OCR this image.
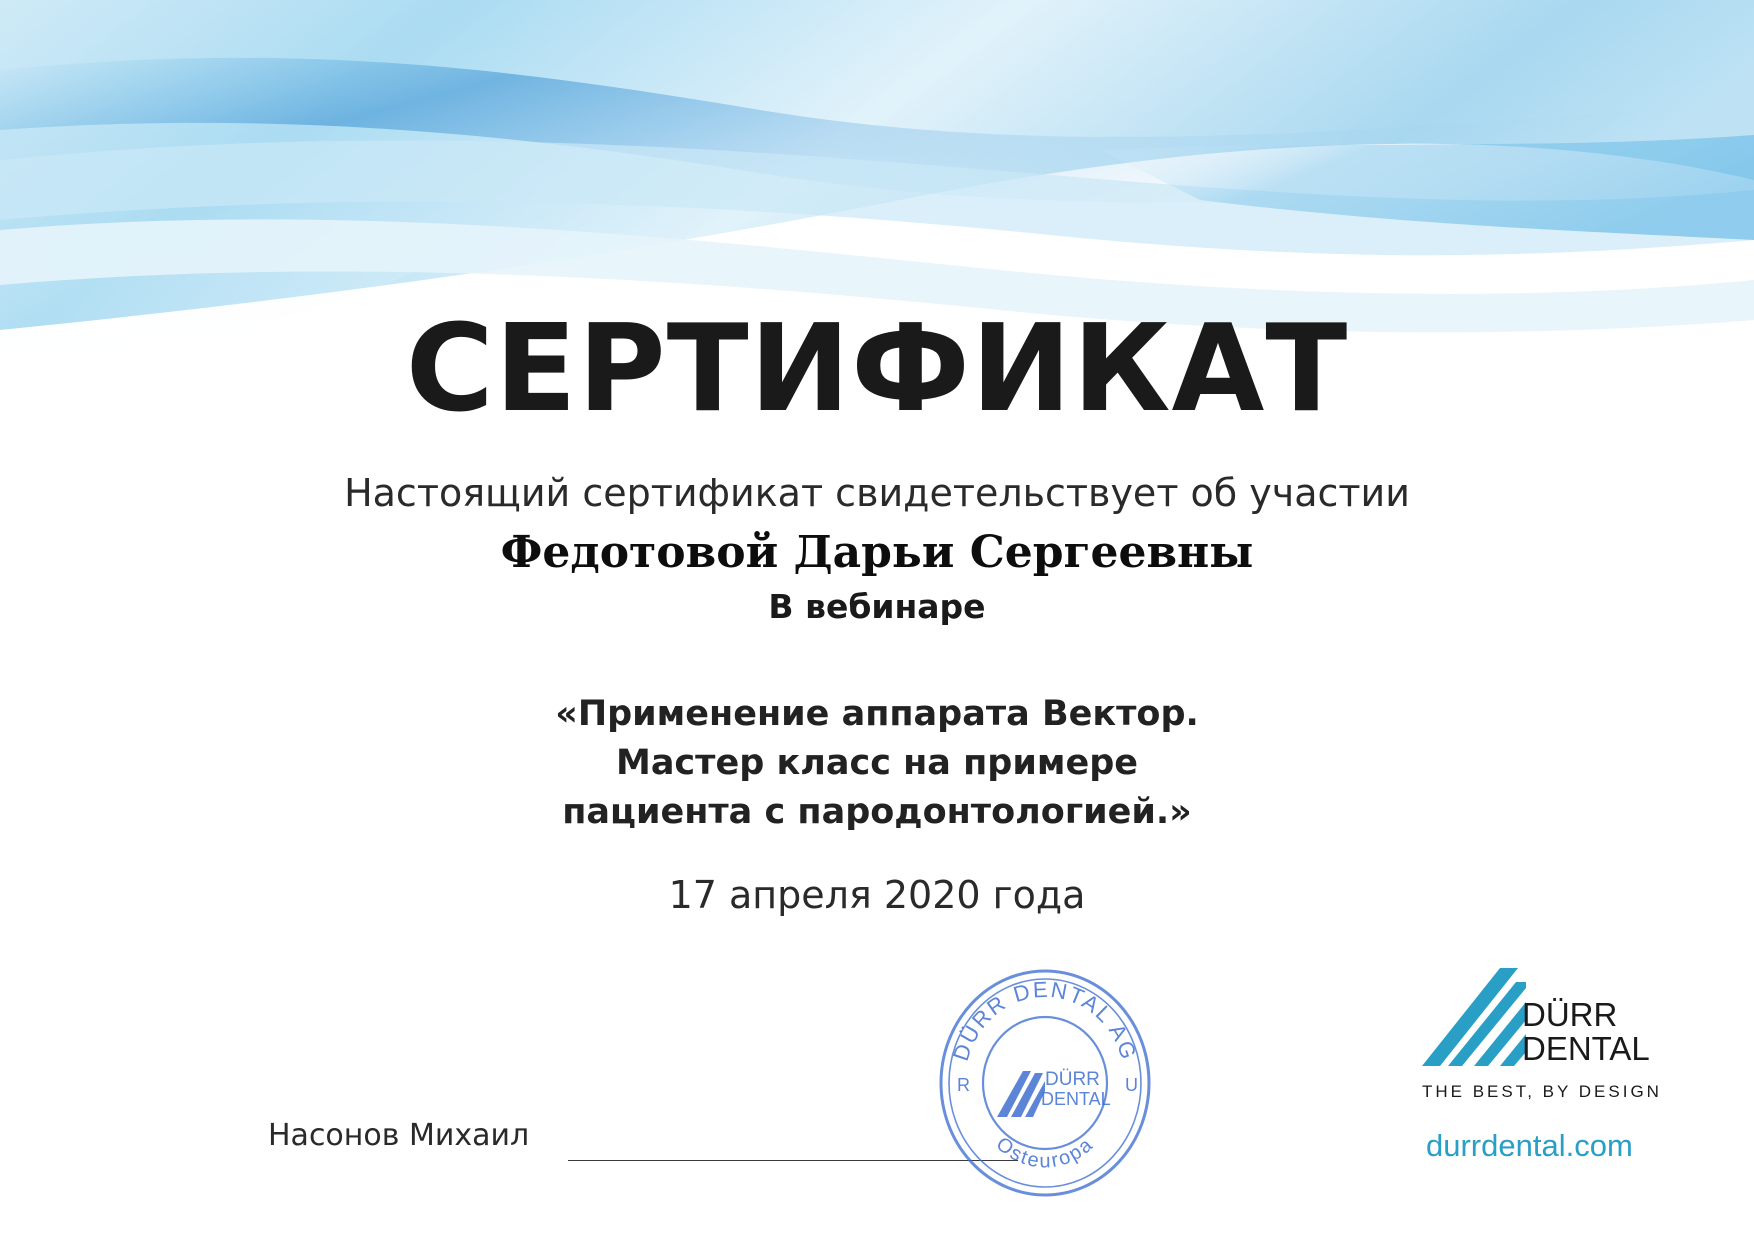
СЕРТИФИКАТ
Настоящий сертификат свидетельствует об участии
Федотовой Дарьи Сергеевны
В вебинаре
«Применение аппарата Вектор.
Мастер класс на примере
пациента с пародонтологией.»
17 апреля 2020 года
Насонов Михаил
DÜRR DENTAL AG
Osteuropa
R	U
DÜRR
DENTAL
DÜRR
DENTAL
THE BEST, BY DESIGN
durrdental.com
